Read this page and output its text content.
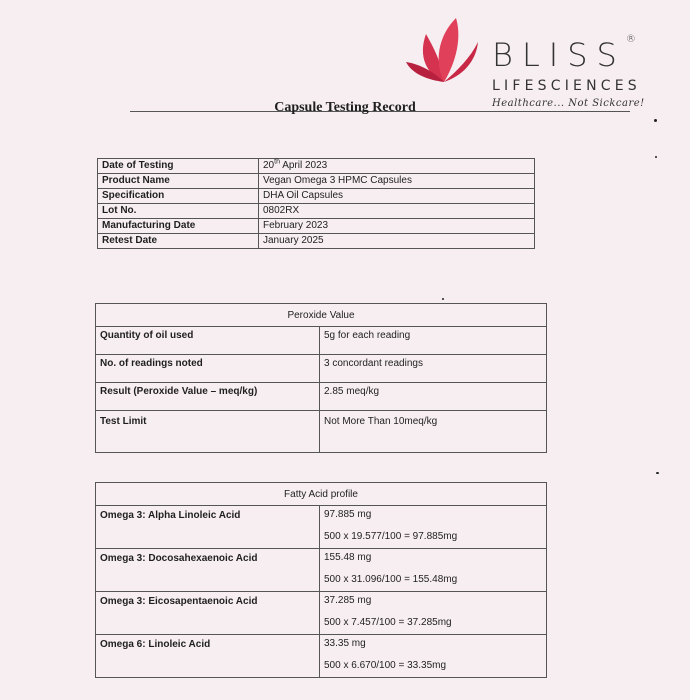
BLISS®
LIFESCIENCES
Healthcare... Not Sickcare!
Capsule Testing Record
Date of Testing	20th April 2023
Product Name	Vegan Omega 3 HPMC Capsules
Specification	DHA Oil Capsules
Lot No.	0802RX
Manufacturing Date	February 2023
Retest Date	January 2025
Peroxide Value	
Quantity of oil used	5g for each reading
No. of readings noted	3 concordant readings
Result (Peroxide Value – meq/kg)	2.85 meq/kg
Test Limit	Not More Than 10meq/kg
Fatty Acid profile	
Omega 3: Alpha Linoleic Acid	97.885 mg
500 x 19.577/100 = 97.885mg

Omega 3: Docosahexaenoic Acid	155.48 mg
500 x 31.096/100 = 155.48mg

Omega 3: Eicosapentaenoic Acid	37.285 mg
500 x 7.457/100 = 37.285mg

Omega 6: Linoleic Acid	33.35 mg
500 x 6.670/100 = 33.35mg
